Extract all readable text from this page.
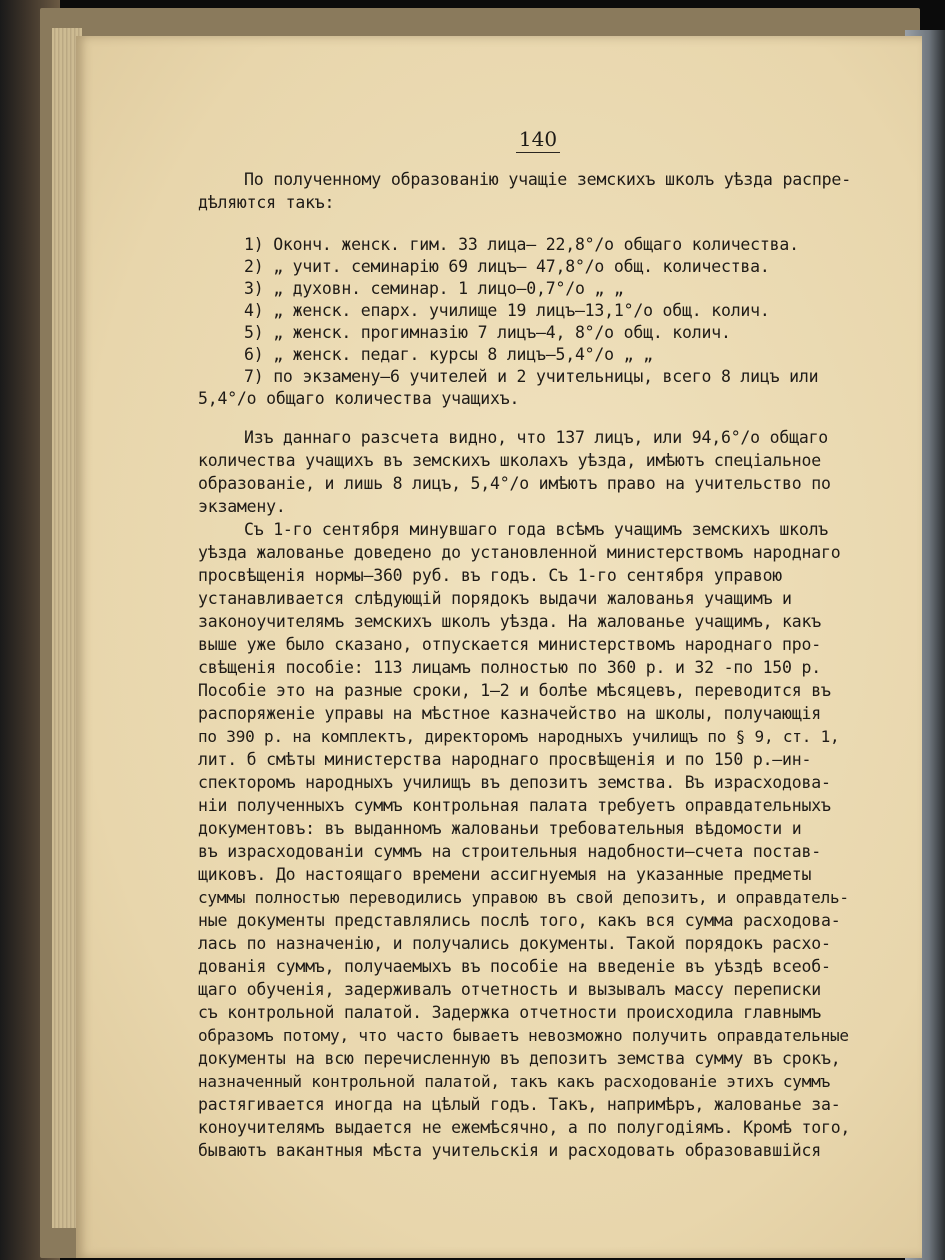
140
По полученному образованію учащіе земскихъ школъ уѣзда распре-
дѣляются такъ:
1) Оконч. женск. гим. 33 лица— 22,8°/о общаго количества.
2) „ учит. семинарію 69 лицъ— 47,8°/о общ. количества.
3) „ духовн. семинар. 1 лицо—0,7°/о „ „
4) „ женск. епарх. училище 19 лицъ—13,1°/о общ. колич.
5) „ женск. прогимназію 7 лицъ—4, 8°/о общ. колич.
6) „ женск. педаг. курсы 8 лицъ—5,4°/о „ „
7) по экзамену—6 учителей и 2 учительницы, всего 8 лицъ или
5,4°/о общаго количества учащихъ.
Изъ даннаго разсчета видно, что 137 лицъ, или 94,6°/о общаго
количества учащихъ въ земскихъ школахъ уѣзда, имѣютъ спеціальное
образованіе, и лишь 8 лицъ, 5,4°/о имѣютъ право на учительство по
экзамену.
Съ 1-го сентября минувшаго года всѣмъ учащимъ земскихъ школъ
уѣзда жалованье доведено до установленной министерствомъ народнаго
просвѣщенія нормы—360 руб. въ годъ. Съ 1-го сентября управою
устанавливается слѣдующій порядокъ выдачи жалованья учащимъ и
законоучителямъ земскихъ школъ уѣзда. На жалованье учащимъ, какъ
выше уже было сказано, отпускается министерствомъ народнаго про-
свѣщенія пособіе: 113 лицамъ полностью по 360 р. и 32 -по 150 р.
Пособіе это на разные сроки, 1—2 и болѣе мѣсяцевъ, переводится въ
распоряженіе управы на мѣстное казначейство на школы, получающія
по 390 р. на комплектъ, директоромъ народныхъ училищъ по § 9, ст. 1,
лит. б смѣты министерства народнаго просвѣщенія и по 150 р.—ин-
спекторомъ народныхъ училищъ въ депозитъ земства. Въ израсходова-
ніи полученныхъ суммъ контрольная палата требуетъ оправдательныхъ
документовъ: въ выданномъ жалованьи требовательныя вѣдомости и
въ израсходованіи суммъ на строительныя надобности—счета постав-
щиковъ. До настоящаго времени ассигнуемыя на указанные предметы
суммы полностью переводились управою въ свой депозитъ, и оправдатель-
ные документы представлялись послѣ того, какъ вся сумма расходова-
лась по назначенію, и получались документы. Такой порядокъ расхо-
дованія суммъ, получаемыхъ въ пособіе на введеніе въ уѣздѣ всеоб-
щаго обученія, задерживалъ отчетность и вызывалъ массу переписки
съ контрольной палатой. Задержка отчетности происходила главнымъ
образомъ потому, что часто бываетъ невозможно получить оправдательные
документы на всю перечисленную въ депозитъ земства сумму въ срокъ,
назначенный контрольной палатой, такъ какъ расходованіе этихъ суммъ
растягивается иногда на цѣлый годъ. Такъ, напримѣръ, жалованье за-
коноучителямъ выдается не ежемѣсячно, а по полугодіямъ. Кромѣ того,
бываютъ вакантныя мѣста учительскія и расходовать образовавшійся
